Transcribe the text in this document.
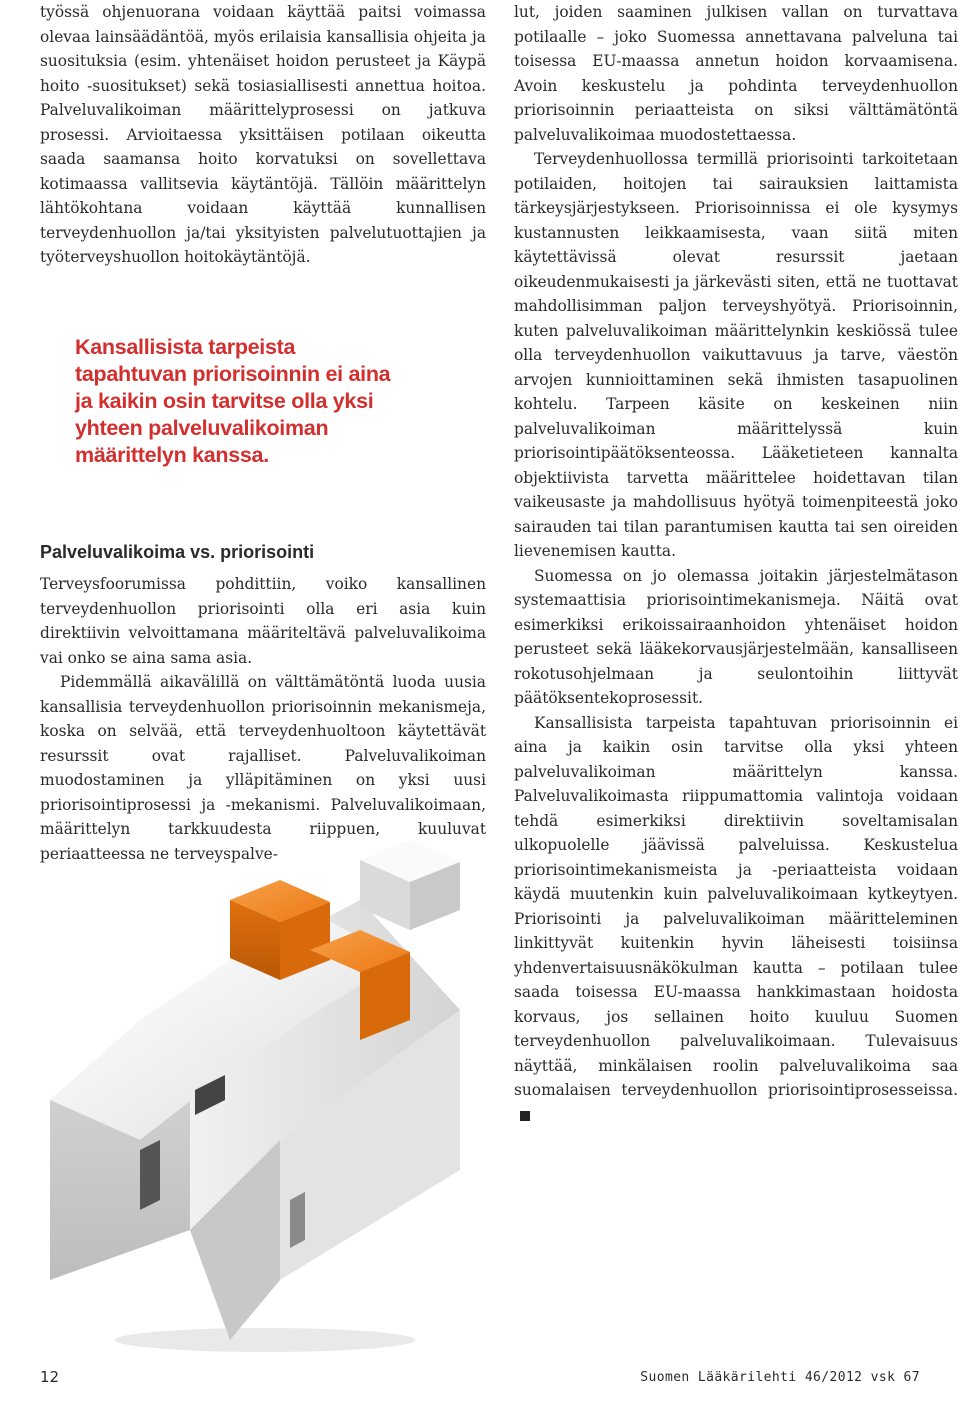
työssä ohjenuorana voidaan käyttää paitsi voimassa olevaa lainsäädäntöä, myös erilaisia kansallisia ohjeita ja suosituksia (esim. yhtenäiset hoidon perusteet ja Käypä hoito -suositukset) sekä tosiasiallisesti annettua hoitoa. Palveluvalikoiman määrittelyprosessi on jatkuva prosessi. Arvioitaessa yksittäisen potilaan oikeutta saada saamansa hoito korvatuksi on sovellettava kotimaassa vallitsevia käytäntöjä. Tällöin määrittelyn lähtökohtana voidaan käyttää kunnallisen terveydenhuollon ja/tai yksityisten palvelutuottajien ja työterveyshuollon hoitokäytäntöjä.

Kansallisista tarpeista tapahtuvan priorisoinnin ei aina ja kaikin osin tarvitse olla yksi yhteen palveluvalikoiman määrittelyn kanssa.

Palveluvalikoima vs. priorisointi

Terveysfoorumissa pohdittiin, voiko kansallinen terveydenhuollon priorisointi olla eri asia kuin direktiivin velvoittamana määriteltävä palveluvalikoima vai onko se aina sama asia.

Pidemmällä aikavälillä on välttämätöntä luoda uusia kansallisia terveydenhuollon priorisoinnin mekanismeja, koska on selvää, että terveydenhuoltoon käytettävät resurssit ovat rajalliset. Palveluvalikoiman muodostaminen ja ylläpitäminen on yksi uusi priorisointiprosessi ja -mekanismi. Palveluvalikoimaan, määrittelyn tarkkuudesta riippuen, kuuluvat periaatteessa ne terveyspalve-

lut, joiden saaminen julkisen vallan on turvattava potilaalle – joko Suomessa annettavana palveluna tai toisessa EU-maassa annetun hoidon korvaamisena. Avoin keskustelu ja pohdinta terveydenhuollon priorisoinnin periaatteista on siksi välttämätöntä palveluvalikoimaa muodostettaessa.

Terveydenhuollossa termillä priorisointi tarkoitetaan potilaiden, hoitojen tai sairauksien laittamista tärkeysjärjestykseen. Priorisoinnissa ei ole kysymys kustannusten leikkaamisesta, vaan siitä miten käytettävissä olevat resurssit jaetaan oikeudenmukaisesti ja järkevästi siten, että ne tuottavat mahdollisimman paljon terveyshyötyä. Priorisoinnin, kuten palveluvalikoiman määrittelynkin keskiössä tulee olla terveydenhuollon vaikuttavuus ja tarve, väestön arvojen kunnioittaminen sekä ihmisten tasapuolinen kohtelu. Tarpeen käsite on keskeinen niin palveluvalikoiman määrittelyssä kuin priorisointipäätöksenteossa. Lääketieteen kannalta objektiivista tarvetta määrittelee hoidettavan tilan vaikeusaste ja mahdollisuus hyötyä toimenpiteestä joko sairauden tai tilan parantumisen kautta tai sen oireiden lievenemisen kautta.

Suomessa on jo olemassa joitakin järjestelmätason systemaattisia priorisointimekanismeja. Näitä ovat esimerkiksi erikoissairaanhoidon yhtenäiset hoidon perusteet sekä lääkekorvausjärjestelmään, kansalliseen rokotusohjelmaan ja seulontoihin liittyvät päätöksentekoprosessit.

Kansallisista tarpeista tapahtuvan priorisoinnin ei aina ja kaikin osin tarvitse olla yksi yhteen palveluvalikoiman määrittelyn kanssa. Palveluvalikoimasta riippumattomia valintoja voidaan tehdä esimerkiksi direktiivin soveltamisalan ulkopuolelle jäävissä palveluissa. Keskustelua priorisointimekanismeista ja -periaatteista voidaan käydä muutenkin kuin palveluvalikoimaan kytkeytyen. Priorisointi ja palveluvalikoiman määritteleminen linkittyvät kuitenkin hyvin läheisesti toisiinsa yhdenvertaisuusnäkökulman kautta – potilaan tulee saada toisessa EU-maassa hankkimastaan hoidosta korvaus, jos sellainen hoito kuuluu Suomen terveydenhuollon palveluvalikoimaan. Tulevaisuus näyttää, minkälaisen roolin palveluvalikoima saa suomalaisen terveydenhuollon priorisointiprosesseissa.

12	Suomen Lääkärilehti 46/2012 vsk 67
